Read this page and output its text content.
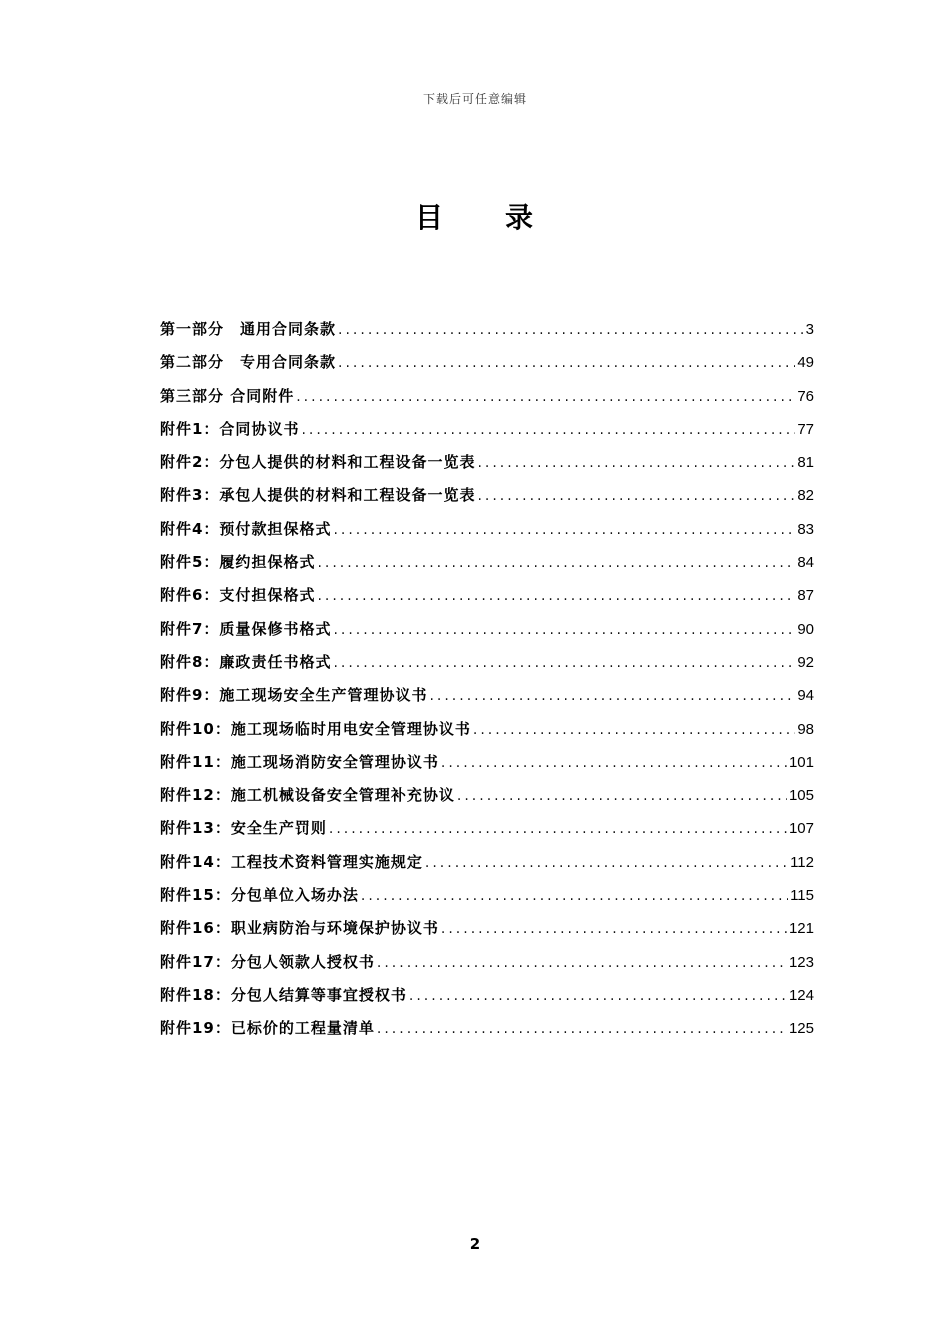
下载后可任意编辑
目 录
第一部分　通用合同条款 .....	3
第二部分　专用合同条款 .....	49
第三部分 合同附件 .....	76
附件1：合同协议书 .....	77
附件2：分包人提供的材料和工程设备一览表 .....	81
附件3：承包人提供的材料和工程设备一览表 .....	82
附件4：预付款担保格式 .....	83
附件5：履约担保格式 .....	84
附件6：支付担保格式 .....	87
附件7：质量保修书格式 .....	90
附件8：廉政责任书格式 .....	92
附件9：施工现场安全生产管理协议书 .....	94
附件10：施工现场临时用电安全管理协议书 .....	98
附件11：施工现场消防安全管理协议书 .....	101
附件12：施工机械设备安全管理补充协议 .....	105
附件13：安全生产罚则 .....	107
附件14：工程技术资料管理实施规定 .....	112
附件15：分包单位入场办法 .....	115
附件16：职业病防治与环境保护协议书 .....	121
附件17：分包人领款人授权书 .....	123
附件18：分包人结算等事宜授权书 .....	124
附件19：已标价的工程量清单 .....	125
2
